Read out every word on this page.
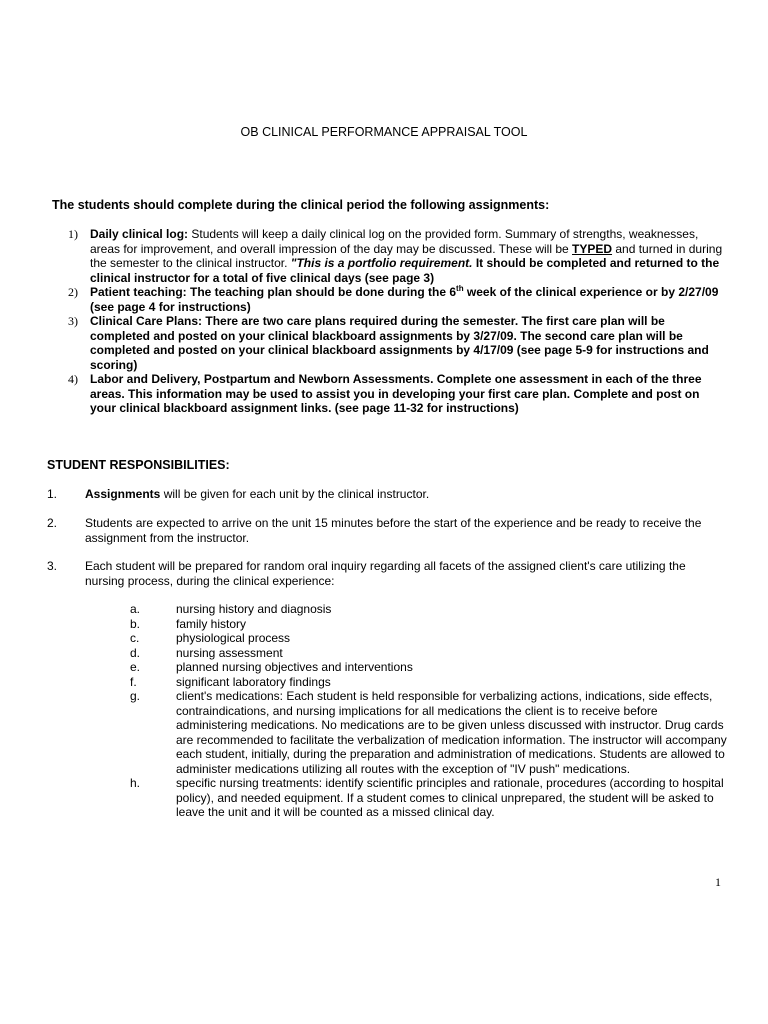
OB CLINICAL PERFORMANCE APPRAISAL TOOL
The students should complete during the clinical period the following assignments:
1)	Daily clinical log: Students will keep a daily clinical log on the provided form. Summary of strengths, weaknesses, areas for improvement, and overall impression of the day may be discussed. These will be TYPED and turned in during the semester to the clinical instructor. "This is a portfolio requirement. It should be completed and returned to the clinical instructor for a total of five clinical days (see page 3)
2)	Patient teaching: The teaching plan should be done during the 6th week of the clinical experience or by 2/27/09 (see page 4 for instructions)
3)	Clinical Care Plans: There are two care plans required during the semester. The first care plan will be completed and posted on your clinical blackboard assignments by 3/27/09. The second care plan will be completed and posted on your clinical blackboard assignments by 4/17/09 (see page 5-9 for instructions and scoring)
4)	Labor and Delivery, Postpartum and Newborn Assessments. Complete one assessment in each of the three areas. This information may be used to assist you in developing your first care plan. Complete and post on your clinical blackboard assignment links. (see page 11-32 for instructions)
STUDENT RESPONSIBILITIES:
1.	Assignments will be given for each unit by the clinical instructor.
2.	Students are expected to arrive on the unit 15 minutes before the start of the experience and be ready to receive the assignment from the instructor.
3.	Each student will be prepared for random oral inquiry regarding all facets of the assigned client's care utilizing the nursing process, during the clinical experience:
a.	nursing history and diagnosis
b.	family history
c.	physiological process
d.	nursing assessment
e.	planned nursing objectives and interventions
f.	significant laboratory findings
g.	client's medications: Each student is held responsible for verbalizing actions, indications, side effects, contraindications, and nursing implications for all medications the client is to receive before administering medications. No medications are to be given unless discussed with instructor. Drug cards are recommended to facilitate the verbalization of medication information. The instructor will accompany each student, initially, during the preparation and administration of medications. Students are allowed to administer medications utilizing all routes with the exception of "IV push" medications.
h.	specific nursing treatments: identify scientific principles and rationale, procedures (according to hospital policy), and needed equipment. If a student comes to clinical unprepared, the student will be asked to leave the unit and it will be counted as a missed clinical day.
1
